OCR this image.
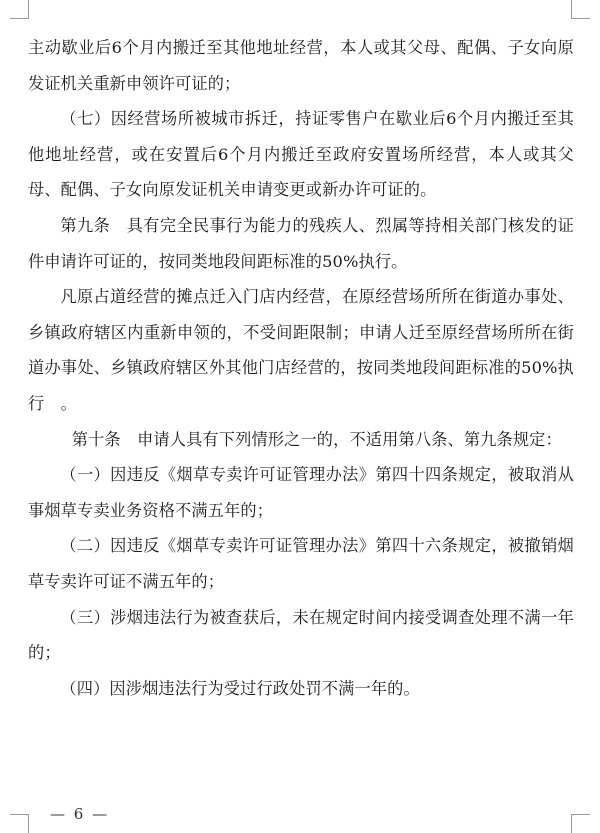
主动歇业后6个月内搬迁至其他地址经营，本人或其父母、配偶、子女向原发证机关重新申领许可证的；

（七）因经营场所被城市拆迁，持证零售户在歇业后6个月内搬迁至其他地址经营，或在安置后6个月内搬迁至政府安置场所经营，本人或其父母、配偶、子女向原发证机关申请变更或新办许可证的。

第九条　具有完全民事行为能力的残疾人、烈属等持相关部门核发的证件申请许可证的，按同类地段间距标准的50%执行。

凡原占道经营的摊点迁入门店内经营，在原经营场所所在街道办事处、乡镇政府辖区内重新申领的，不受间距限制；申请人迁至原经营场所所在街道办事处、乡镇政府辖区外其他门店经营的，按同类地段间距标准的50%执行　。

第十条　申请人具有下列情形之一的，不适用第八条、第九条规定：

（一）因违反《烟草专卖许可证管理办法》第四十四条规定，被取消从事烟草专卖业务资格不满五年的；

（二）因违反《烟草专卖许可证管理办法》第四十六条规定，被撤销烟草专卖许可证不满五年的；

（三）涉烟违法行为被查获后，未在规定时间内接受调查处理不满一年的；

（四）因涉烟违法行为受过行政处罚不满一年的。

— 6 —
